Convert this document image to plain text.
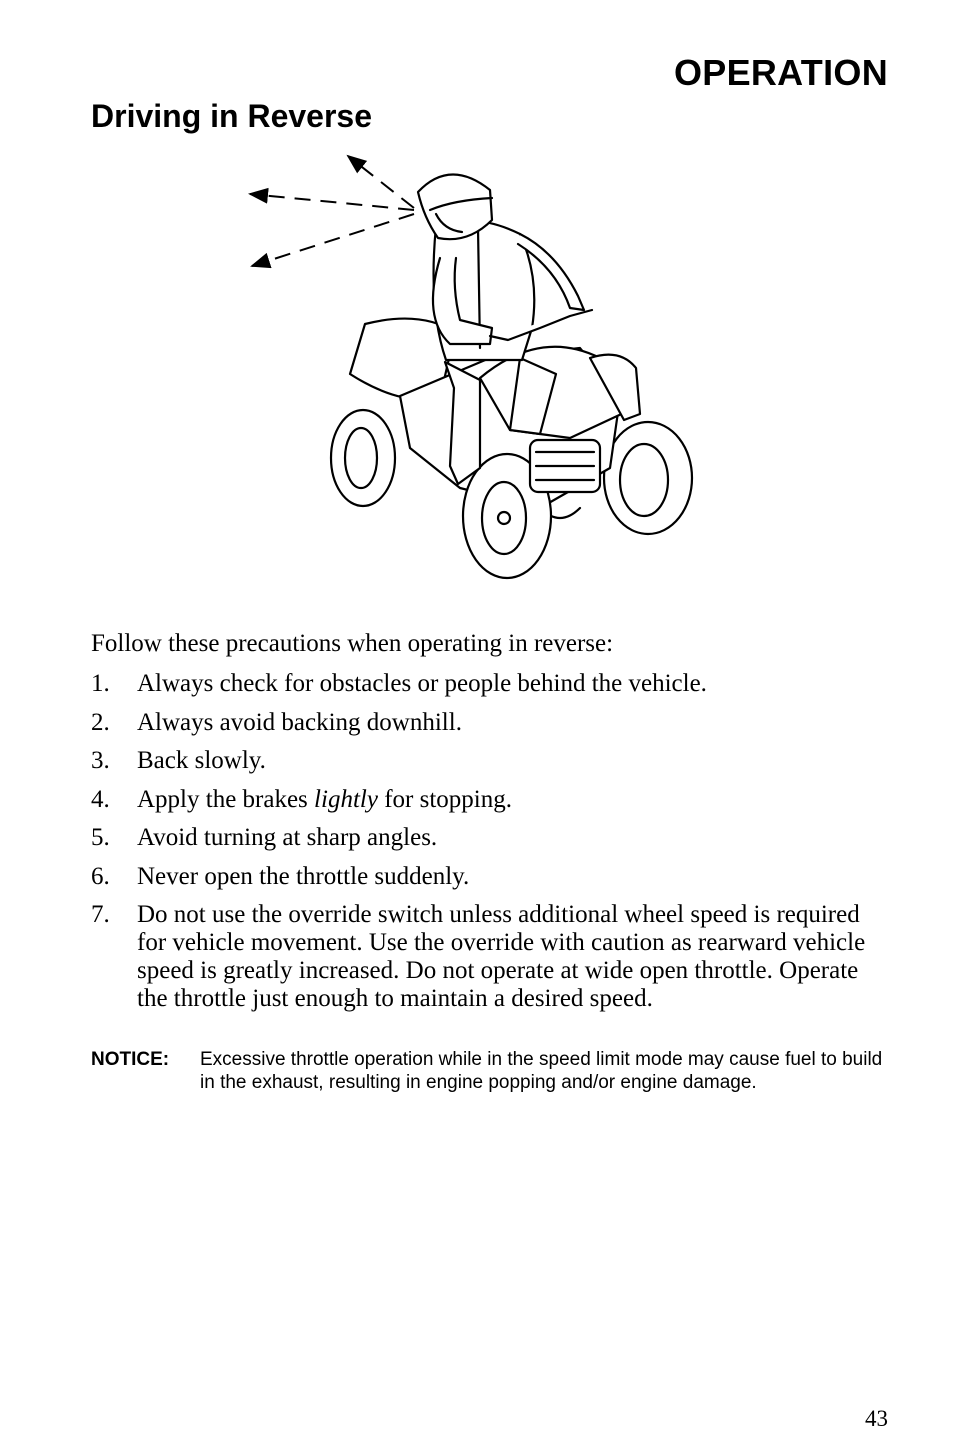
OPERATION
Driving in Reverse
Follow these precautions when operating in reverse:
1. Always check for obstacles or people behind the vehicle.
2. Always avoid backing downhill.
3. Back slowly.
4. Apply the brakes lightly for stopping.
5. Avoid turning at sharp angles.
6. Never open the throttle suddenly.
7. Do not use the override switch unless additional wheel speed is required for vehicle movement. Use the override with caution as rearward vehicle speed is greatly increased. Do not operate at wide open throttle. Operate the throttle just enough to maintain a desired speed.
NOTICE: Excessive throttle operation while in the speed limit mode may cause fuel to build in the exhaust, resulting in engine popping and/or engine damage.
43
